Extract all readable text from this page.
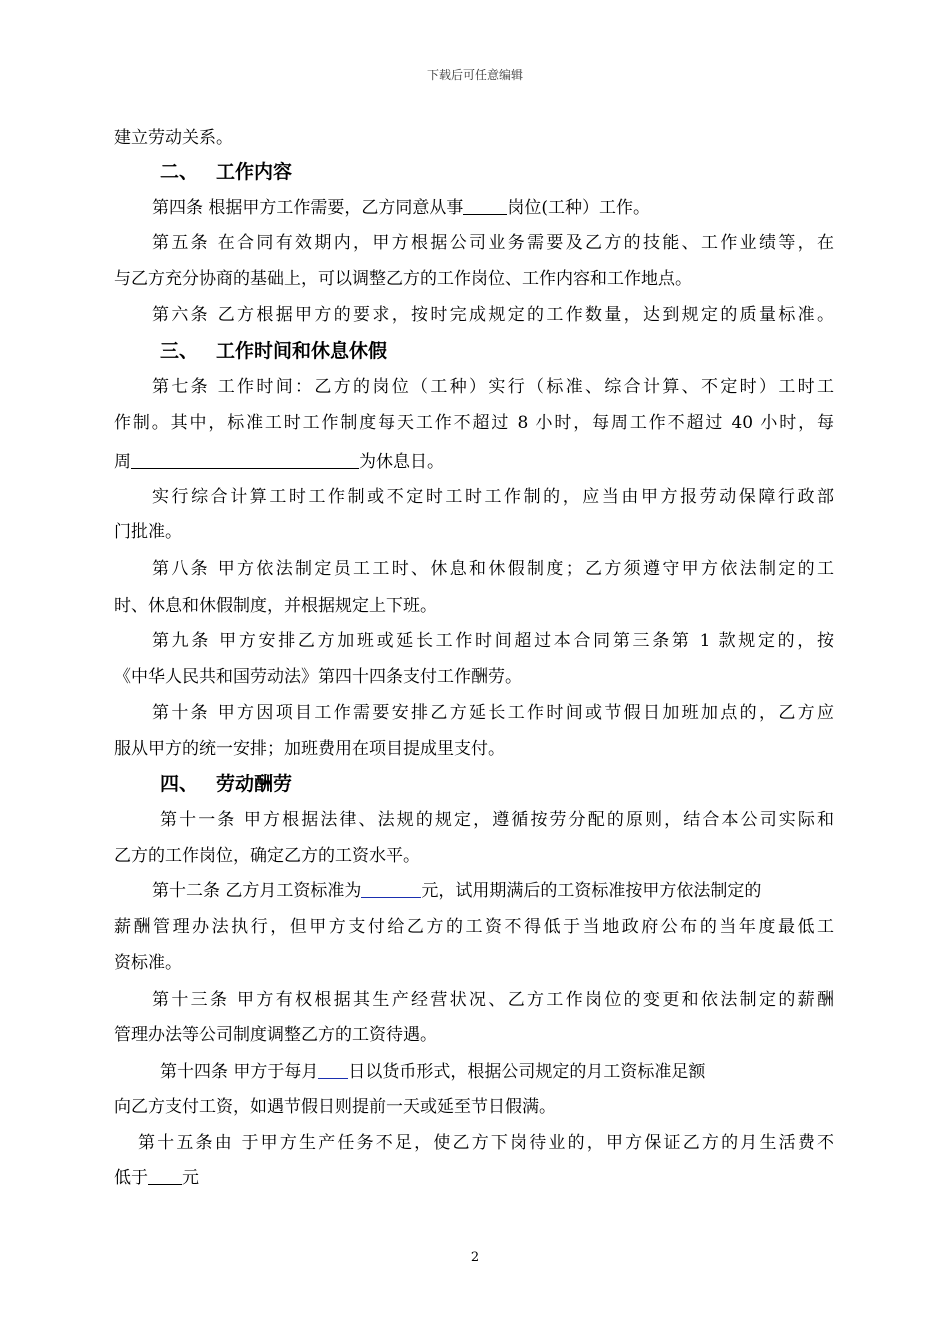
下载后可任意编辑
建立劳动关系。
二、 工作内容
第四条 根据甲方工作需要，乙方同意从事	岗位(工种）工作。
第五条 在合同有效期内，甲方根据公司业务需要及乙方的技能、工作业绩等，在
与乙方充分协商的基础上，可以调整乙方的工作岗位、工作内容和工作地点。
第六条 乙方根据甲方的要求，按时完成规定的工作数量，达到规定的质量标准。
三、 工作时间和休息休假
第七条 工作时间：乙方的岗位（工种）实行（标准、综合计算、不定时）工时工
作制。其中，标准工时工作制度每天工作不超过 8 小时，每周工作不超过 40 小时，每
周	为休息日。
实行综合计算工时工作制或不定时工时工作制的，应当由甲方报劳动保障行政部
门批准。
第八条 甲方依法制定员工工时、休息和休假制度；乙方须遵守甲方依法制定的工
时、休息和休假制度，并根据规定上下班。
第九条 甲方安排乙方加班或延长工作时间超过本合同第三条第 1 款规定的，按
《中华人民共和国劳动法》第四十四条支付工作酬劳。
第十条 甲方因项目工作需要安排乙方延长工作时间或节假日加班加点的，乙方应
服从甲方的统一安排；加班费用在项目提成里支付。
四、 劳动酬劳
第十一条 甲方根据法律、法规的规定，遵循按劳分配的原则，结合本公司实际和
乙方的工作岗位，确定乙方的工资水平。
第十二条 乙方月工资标准为	元，试用期满后的工资标准按甲方依法制定的
薪酬管理办法执行，但甲方支付给乙方的工资不得低于当地政府公布的当年度最低工
资标准。
第十三条 甲方有权根据其生产经营状况、乙方工作岗位的变更和依法制定的薪酬
管理办法等公司制度调整乙方的工资待遇。
第十四条 甲方于每月 日以货币形式，根据公司规定的月工资标准足额
向乙方支付工资，如遇节假日则提前一天或延至节日假满。
第十五条由 于甲方生产任务不足，使乙方下岗待业的，甲方保证乙方的月生活费不
低于 元
2
